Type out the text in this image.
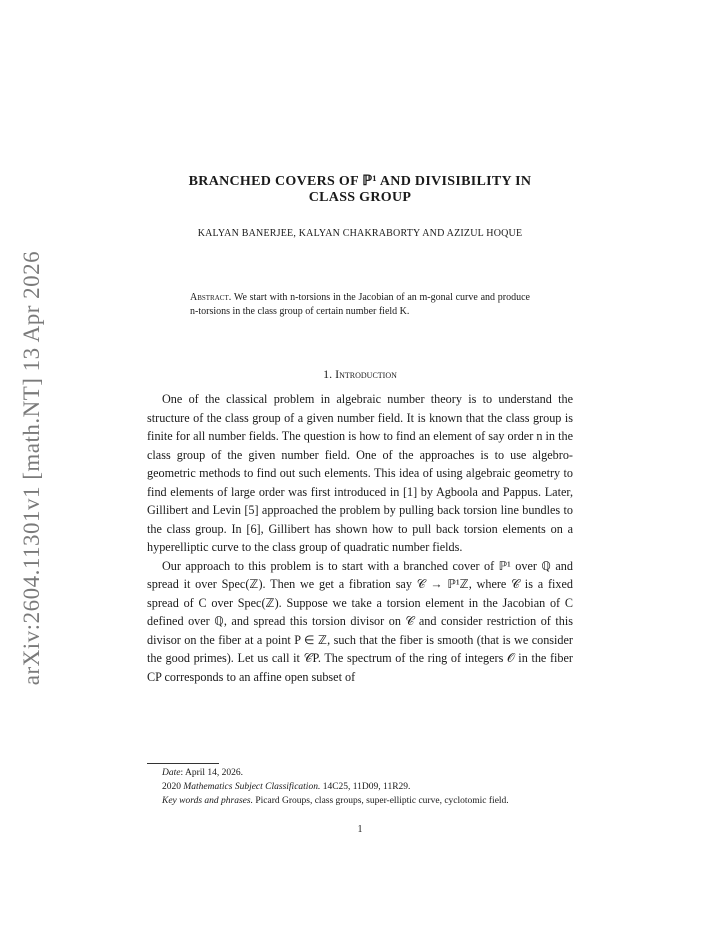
arXiv:2604.11301v1 [math.NT] 13 Apr 2026
BRANCHED COVERS OF ℙ¹ AND DIVISIBILITY IN
CLASS GROUP
KALYAN BANERJEE, KALYAN CHAKRABORTY AND AZIZUL HOQUE
Abstract. We start with n-torsions in the Jacobian of an m-gonal curve and produce n-torsions in the class group of certain number field K.
1. Introduction

One of the classical problem in algebraic number theory is to understand the structure of the class group of a given number field. It is known that the class group is finite for all number fields. The question is how to find an element of say order n in the class group of the given number field. One of the approaches is to use algebro-geometric methods to find out such elements. This idea of using algebraic geometry to find elements of large order was first introduced in [1] by Agboola and Pappus. Later, Gillibert and Levin [5] approached the problem by pulling back torsion line bundles to the class group. In [6], Gillibert has shown how to pull back torsion elements on a hyperelliptic curve to the class group of quadratic number fields.

Our approach to this problem is to start with a branched cover of ℙ¹ over ℚ and spread it over Spec(ℤ). Then we get a fibration say 𝒞 → ℙ¹ℤ, where 𝒞 is a fixed spread of C over Spec(ℤ). Suppose we take a torsion element in the Jacobian of C defined over ℚ, and spread this torsion divisor on 𝒞 and consider restriction of this divisor on the fiber at a point P ∈ ℤ, such that the fiber is smooth (that is we consider the good primes). Let us call it 𝒞P. The spectrum of the ring of integers 𝒪 in the fiber CP corresponds to an affine open subset of

Date: April 14, 2026.
2020 Mathematics Subject Classification. 14C25, 11D09, 11R29.
Key words and phrases. Picard Groups, class groups, super-elliptic curve, cyclotomic field.
1
